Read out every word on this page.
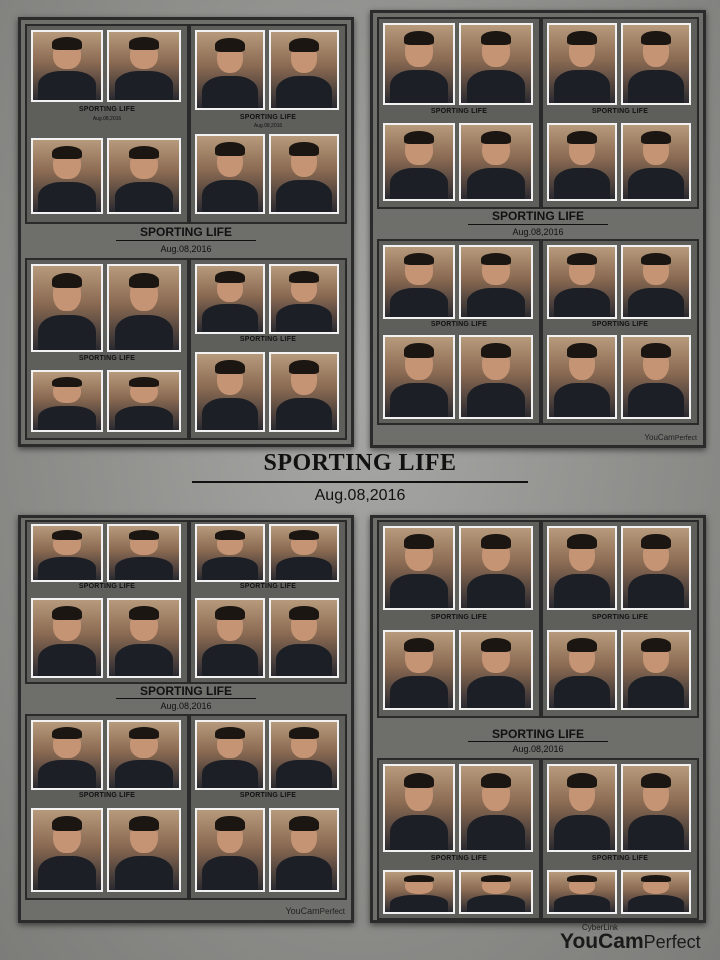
SPORTING LIFE
Aug.08,2016	SPORTING LIFE
Aug.08,2016
SPORTING LIFE
Aug.08,2016
SPORTING LIFE
SPORTING LIFE
SPORTING LIFE	SPORTING LIFE
SPORTING LIFE
Aug.08,2016
SPORTING LIFE	SPORTING LIFE
YouCamPerfect
SPORTING LIFE
Aug.08,2016
SPORTING LIFE	SPORTING LIFE
SPORTING LIFE
Aug.08,2016
SPORTING LIFE	SPORTING LIFE
YouCamPerfect
SPORTING LIFE	SPORTING LIFE
SPORTING LIFE
Aug.08,2016
SPORTING LIFE	SPORTING LIFE
CyberLink
YouCamPerfect
